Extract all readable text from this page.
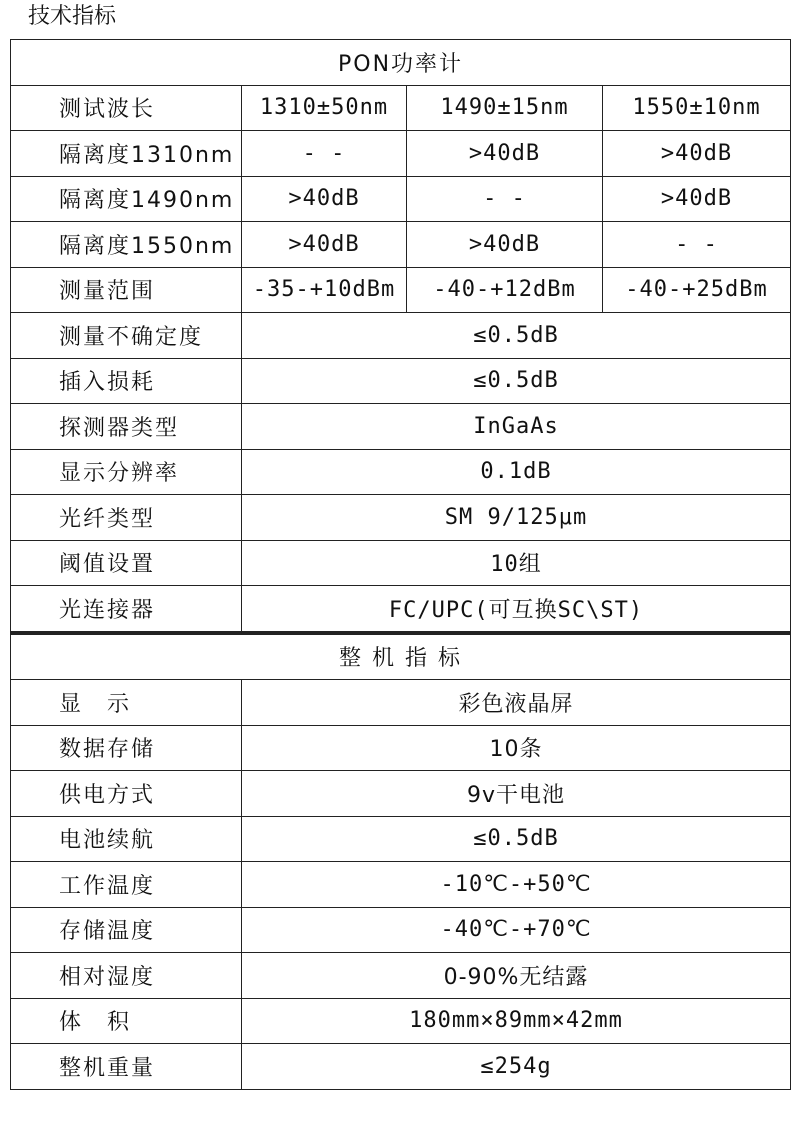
技术指标
PON功率计			
测试波长	1310±50nm	1490±15nm	1550±10nm
隔离度1310nm	- -	>40dB	>40dB
隔离度1490nm	>40dB	- -	>40dB
隔离度1550nm	>40dB	>40dB	- -
测量范围	-35-+10dBm	-40-+12dBm	-40-+25dBm
测量不确定度	≤0.5dB		
插入损耗	≤0.5dB		
探测器类型	InGaAs		
显示分辨率	0.1dB		
光纤类型	SM 9/125μm		
阈值设置	10组		
光连接器	FC/UPC(可互换SC\ST)		
整 机 指 标			
显　示	彩色液晶屏		
数据存储	10条		
供电方式	9v干电池		
电池续航	≤0.5dB		
工作温度	-10℃-+50℃		
存储温度	-40℃-+70℃		
相对湿度	0-90%无结露		
体　积	180mm×89mm×42mm		
整机重量	≤254g		
